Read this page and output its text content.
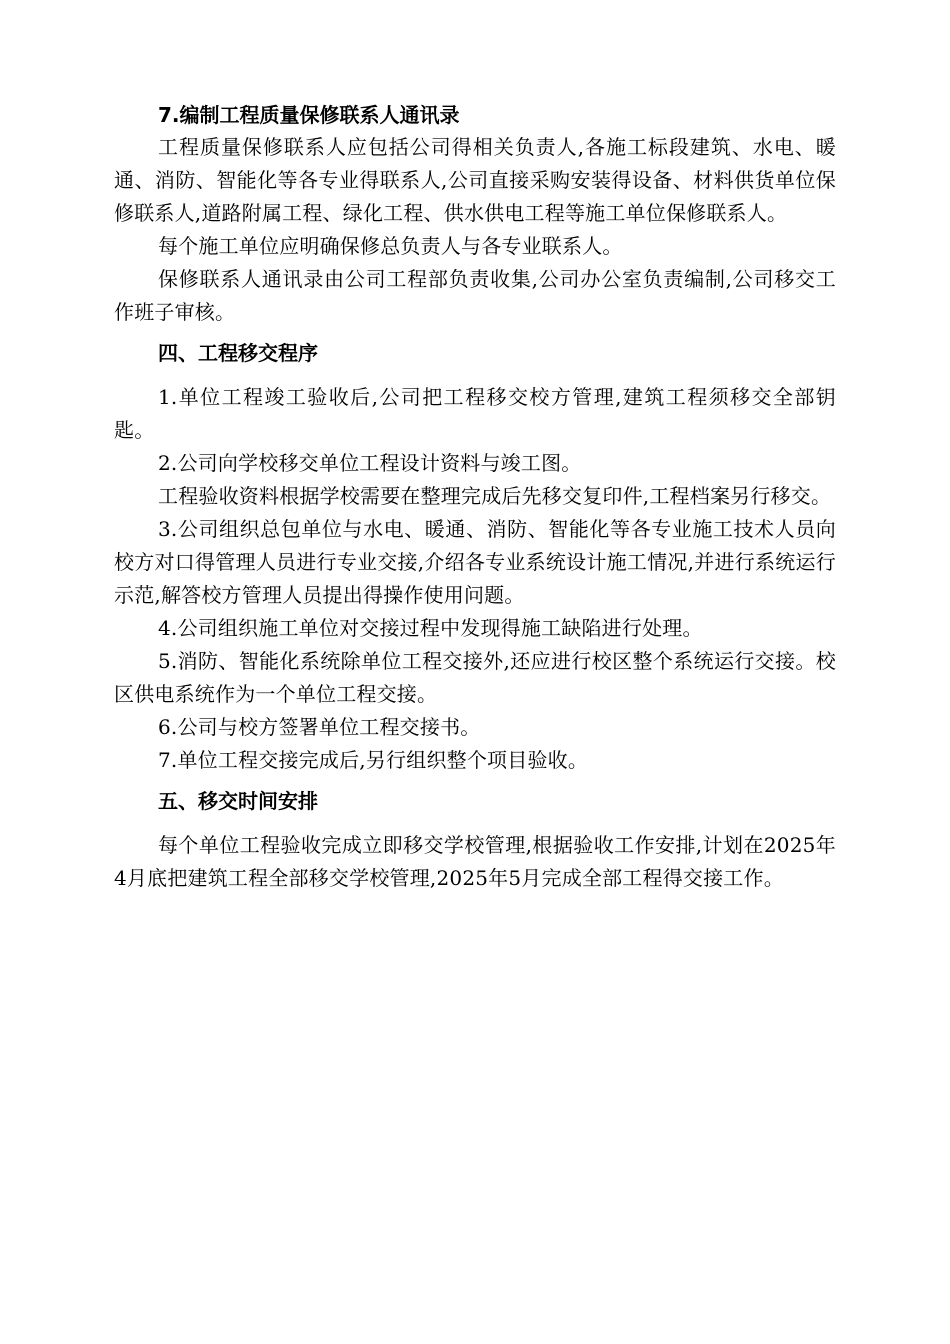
7.编制工程质量保修联系人通讯录

工程质量保修联系人应包括公司得相关负责人,各施工标段建筑、水电、暖通、消防、智能化等各专业得联系人,公司直接采购安装得设备、材料供货单位保修联系人,道路附属工程、绿化工程、供水供电工程等施工单位保修联系人。

每个施工单位应明确保修总负责人与各专业联系人。

保修联系人通讯录由公司工程部负责收集,公司办公室负责编制,公司移交工作班子审核。

四、工程移交程序

1.单位工程竣工验收后,公司把工程移交校方管理,建筑工程须移交全部钥匙。

2.公司向学校移交单位工程设计资料与竣工图。

工程验收资料根据学校需要在整理完成后先移交复印件,工程档案另行移交。

3.公司组织总包单位与水电、暖通、消防、智能化等各专业施工技术人员向校方对口得管理人员进行专业交接,介绍各专业系统设计施工情况,并进行系统运行示范,解答校方管理人员提出得操作使用问题。

4.公司组织施工单位对交接过程中发现得施工缺陷进行处理。

5.消防、智能化系统除单位工程交接外,还应进行校区整个系统运行交接。校区供电系统作为一个单位工程交接。

6.公司与校方签署单位工程交接书。

7.单位工程交接完成后,另行组织整个项目验收。

五、移交时间安排

每个单位工程验收完成立即移交学校管理,根据验收工作安排,计划在2025年4月底把建筑工程全部移交学校管理,2025年5月完成全部工程得交接工作。
